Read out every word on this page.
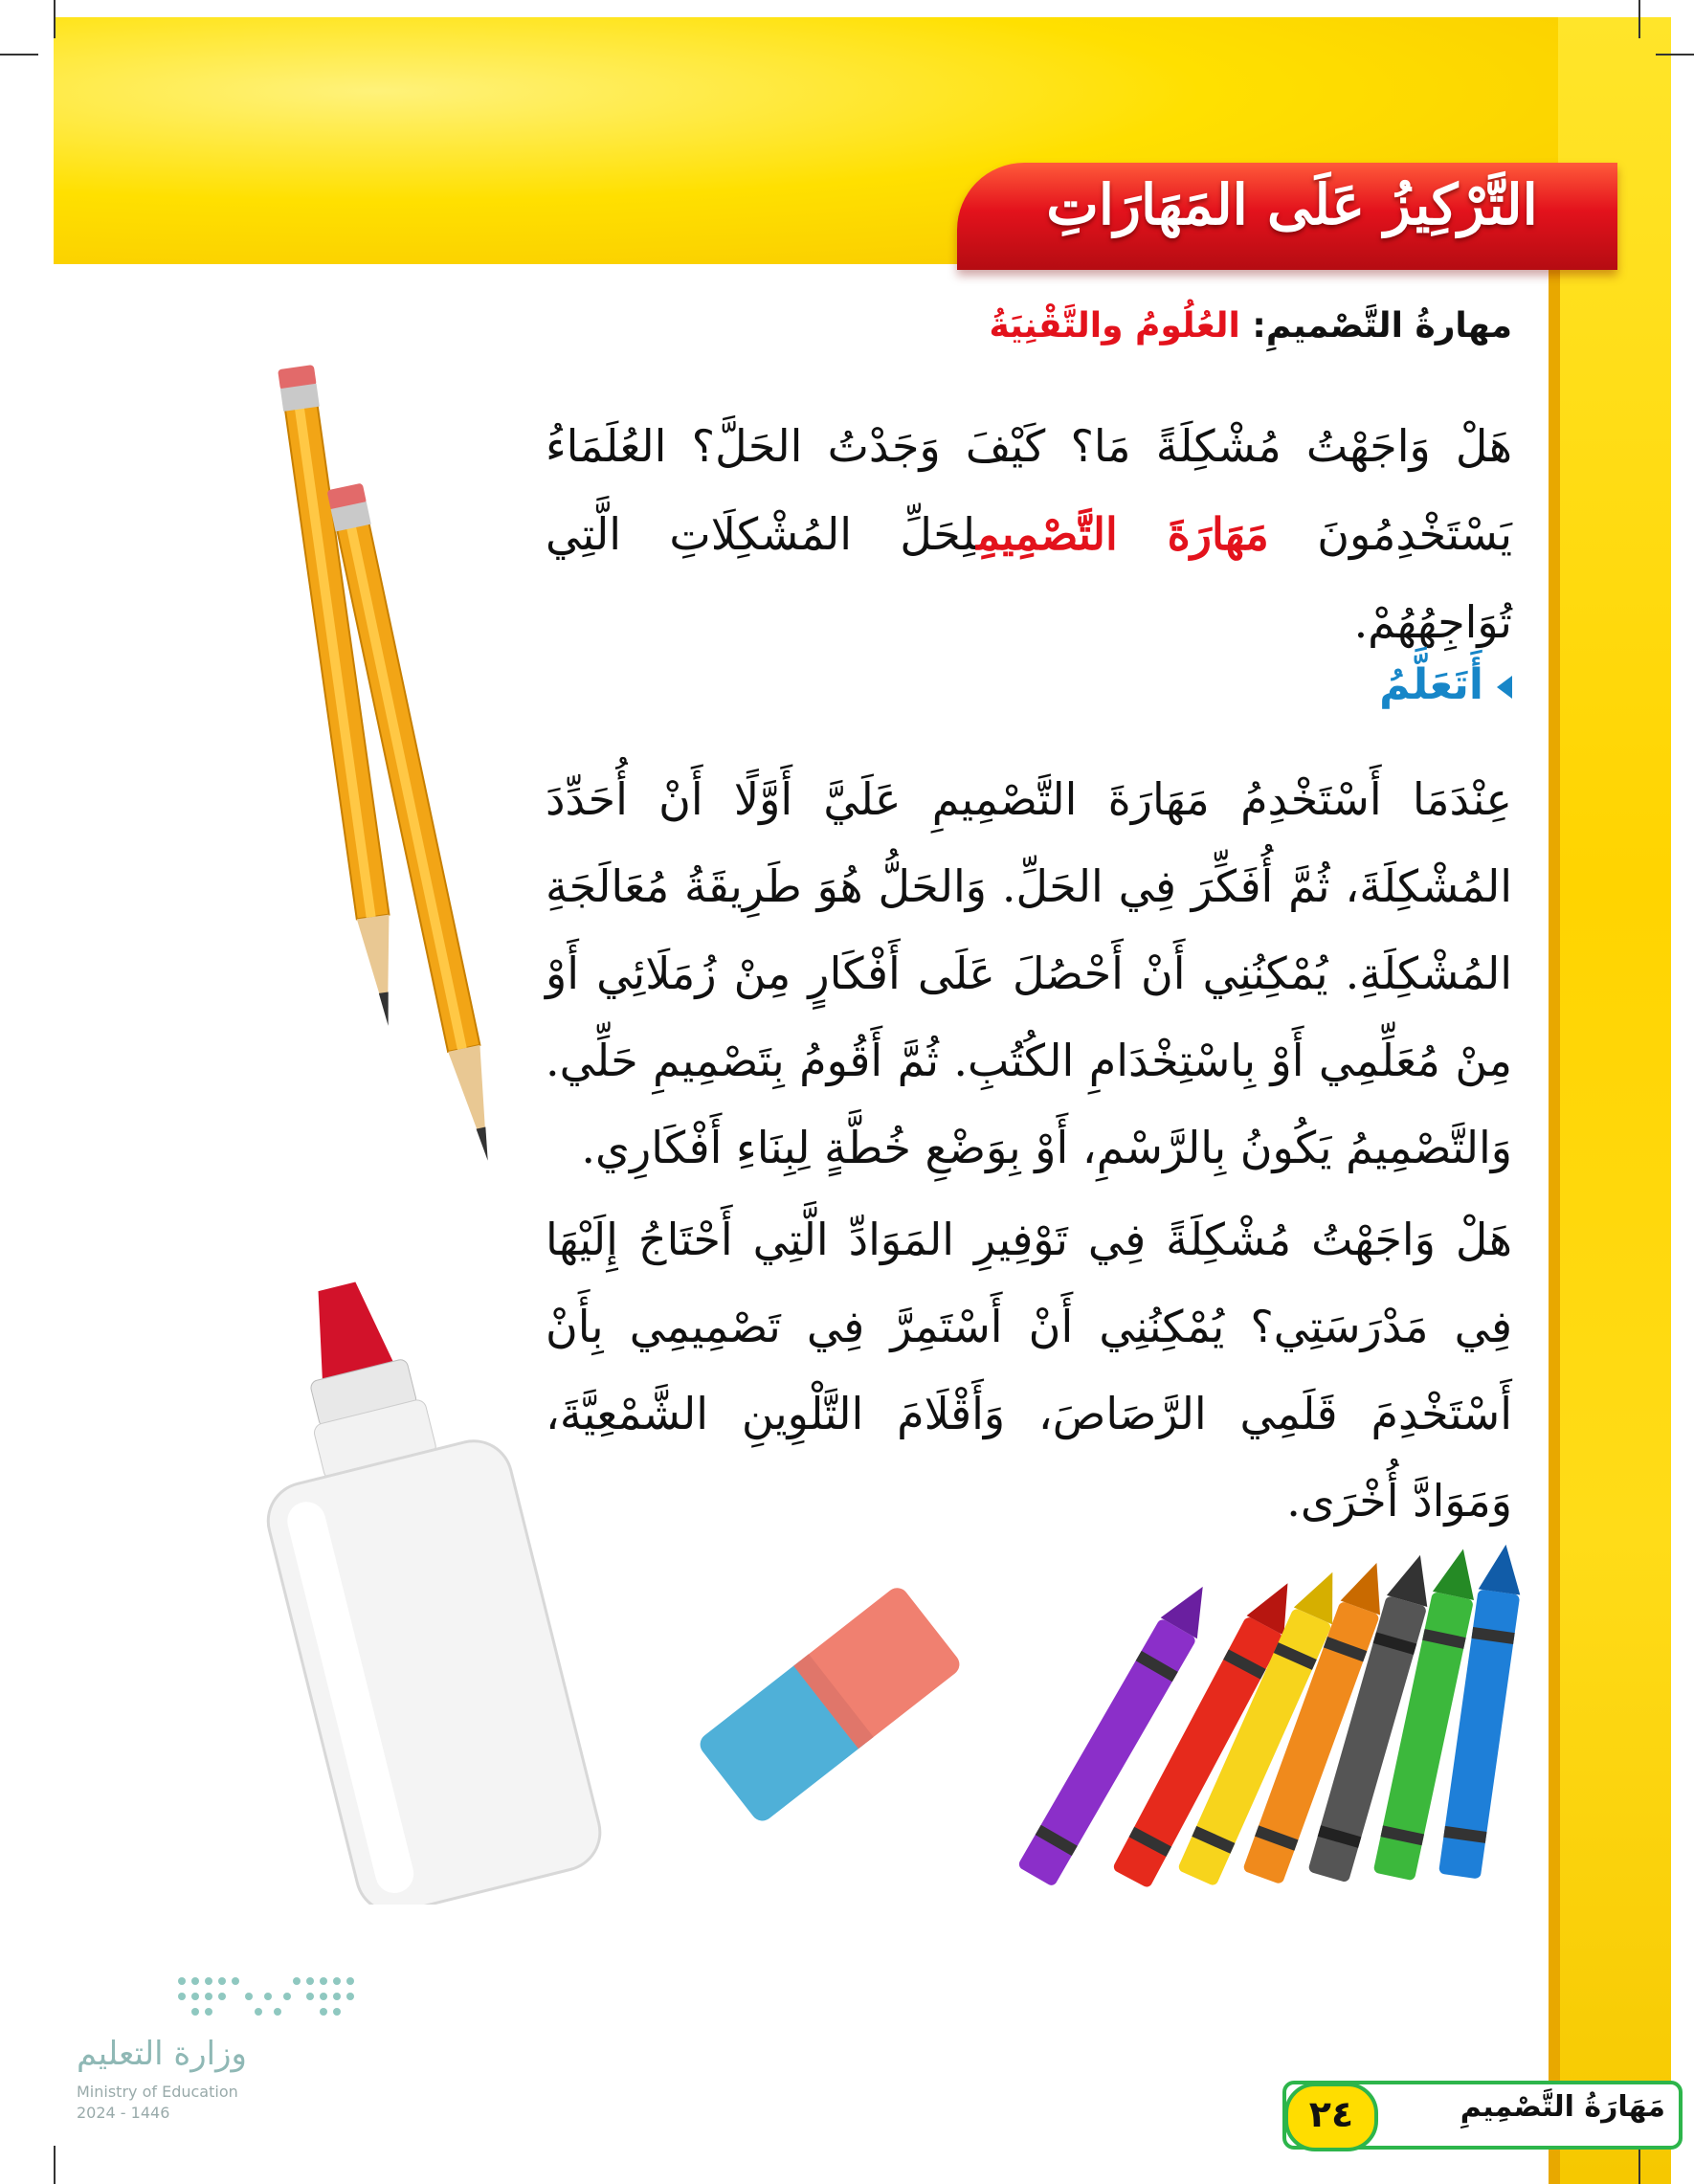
التَّرْكِيزُ عَلَى المَهَارَاتِ
مهارةُ التَّصْميمِ: العُلُومُ والتَّقْنِيَةُ
هَلْ وَاجَهْتُ مُشْكِلَةً مَا؟ كَيْفَ وَجَدْتُ الحَلَّ؟ العُلَمَاءُ يَسْتَخْدِمُونَ مَهَارَةَ التَّصْمِيمِلِحَلِّ المُشْكِلَاتِ الَّتِي تُوَاجِهُهُمْ.
أَتَعَلَّمُ
عِنْدَمَا أَسْتَخْدِمُ مَهَارَةَ التَّصْمِيمِ عَلَيَّ أَوَّلًا أَنْ أُحَدِّدَ المُشْكِلَةَ، ثُمَّ أُفَكِّرَ فِي الحَلِّ. وَالحَلُّ هُوَ طَرِيقَةُ مُعَالَجَةِ المُشْكِلَةِ. يُمْكِنُنِي أَنْ أَحْصُلَ عَلَى أَفْكَارٍ مِنْ زُمَلَائِي أَوْ مِنْ مُعَلِّمِي أَوْ بِاسْتِخْدَامِ الكُتُبِ. ثُمَّ أَقُومُ بِتَصْمِيمِ حَلِّي. وَالتَّصْمِيمُ يَكُونُ بِالرَّسْمِ، أَوْ بِوَضْعِ خُطَّةٍ لِبِنَاءِ أَفْكَارِي.
هَلْ وَاجَهْتُ مُشْكِلَةً فِي تَوْفِيرِ المَوَادِّ الَّتِي أَحْتَاجُ إِلَيْهَا فِي مَدْرَسَتِي؟ يُمْكِنُنِي أَنْ أَسْتَمِرَّ فِي تَصْمِيمِي بِأَنْ أَسْتَخْدِمَ قَلَمِي الرَّصَاصَ، وَأَقْلَامَ التَّلْوِينِ الشَّمْعِيَّةَ، وَمَوَادَّ أُخْرَى.
وزارة التعليم
Ministry of Education
2024 - 1446	٢٤	مَهَارَةُ التَّصْمِيمِ
